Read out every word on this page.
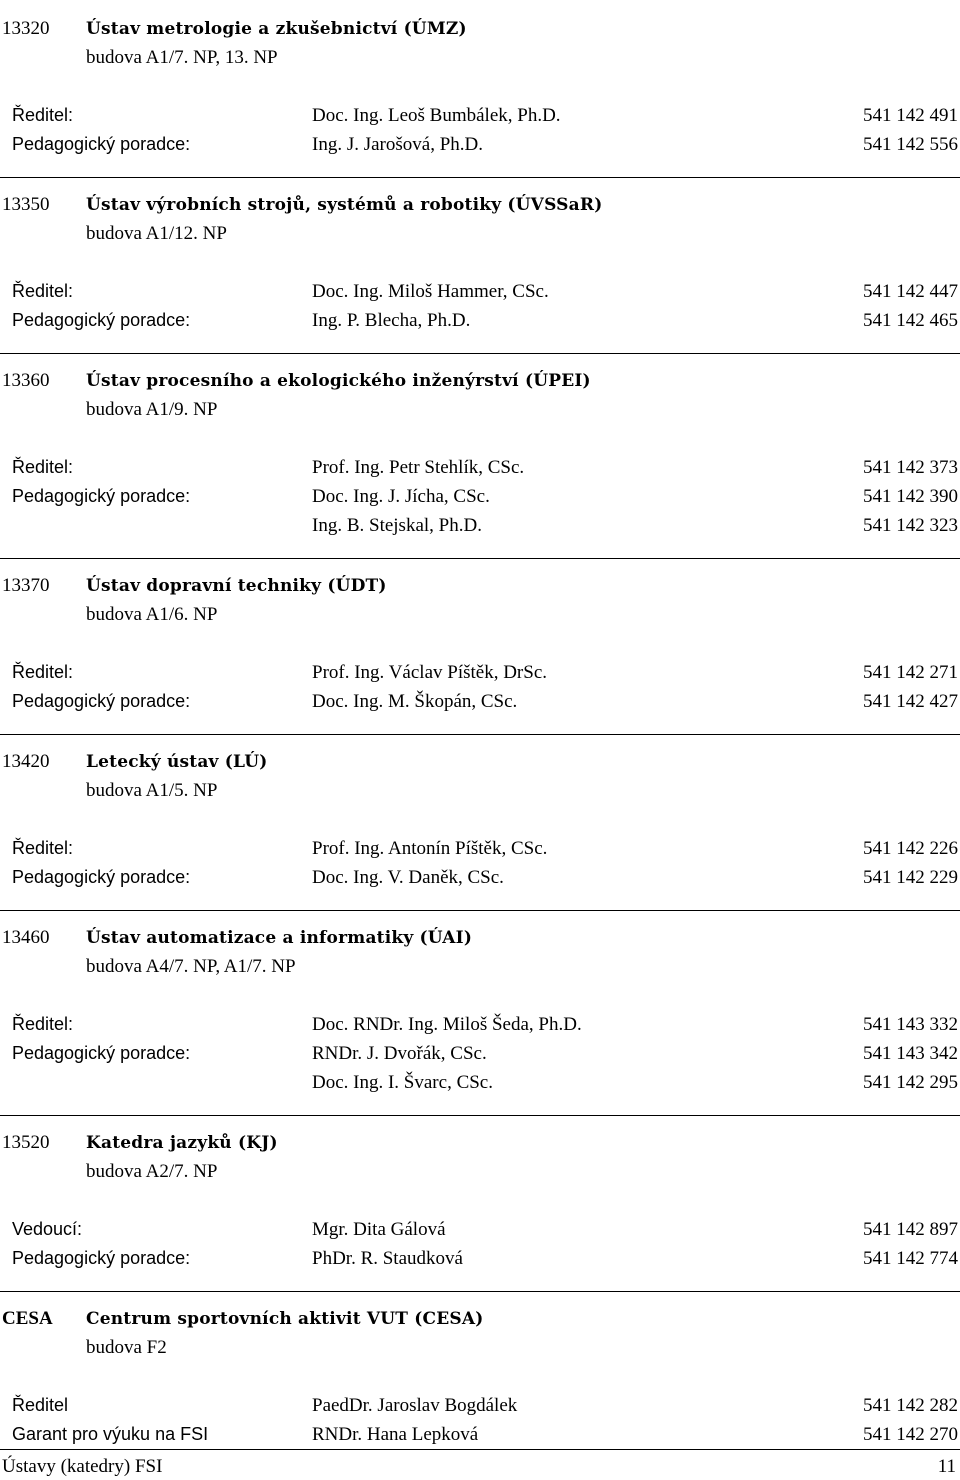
13320	Ústav metrologie a zkušebnictví (ÚMZ)
budova A1/7. NP, 13. NP
Ředitel:	Doc. Ing. Leoš Bumbálek, Ph.D.	541 142 491
Pedagogický poradce:	Ing. J. Jarošová, Ph.D.	541 142 556
13350	Ústav výrobních strojů, systémů a robotiky (ÚVSSaR)
budova A1/12. NP
Ředitel:	Doc. Ing. Miloš Hammer, CSc.	541 142 447
Pedagogický poradce:	Ing. P. Blecha, Ph.D.	541 142 465
13360	Ústav procesního a ekologického inženýrství (ÚPEI)
budova A1/9. NP
Ředitel:	Prof. Ing. Petr Stehlík, CSc.	541 142 373
Pedagogický poradce:	Doc. Ing. J. Jícha, CSc.	541 142 390
Ing. B. Stejskal, Ph.D.	541 142 323
13370	Ústav dopravní techniky (ÚDT)
budova A1/6. NP
Ředitel:	Prof. Ing. Václav Píštěk, DrSc.	541 142 271
Pedagogický poradce:	Doc. Ing. M. Škopán, CSc.	541 142 427
13420	Letecký ústav (LÚ)
budova A1/5. NP
Ředitel:	Prof. Ing. Antonín Píštěk, CSc.	541 142 226
Pedagogický poradce:	Doc. Ing. V. Daněk, CSc.	541 142 229
13460	Ústav automatizace a informatiky (ÚAI)
budova A4/7. NP, A1/7. NP
Ředitel:	Doc. RNDr. Ing. Miloš Šeda, Ph.D.	541 143 332
Pedagogický poradce:	RNDr. J. Dvořák, CSc.	541 143 342
Doc. Ing. I. Švarc, CSc.	541 142 295
13520	Katedra jazyků (KJ)
budova A2/7. NP
Vedoucí:	Mgr. Dita Gálová	541 142 897
Pedagogický poradce:	PhDr. R. Staudková	541 142 774
CESA	Centrum sportovních aktivit VUT (CESA)
budova F2
Ředitel	PaedDr. Jaroslav Bogdálek	541 142 282
Garant pro výuku na FSI	RNDr. Hana Lepková	541 142 270
Ústavy (katedry) FSI	11
